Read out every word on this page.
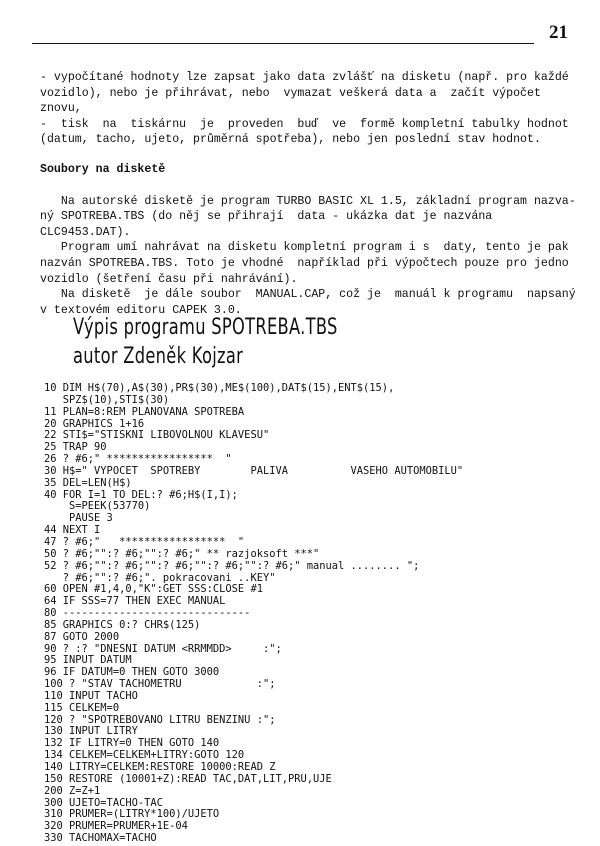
21
- vypočítané hodnoty lze zapsat jako data zvlášť na disketu (např. pro každé
vozidlo), nebo je přihrávat, nebo  vymazat veškerá data a  začít výpočet
znovu,
-  tisk  na  tiskárnu  je  proveden  buď  ve  formě kompletní tabulky hodnot
(datum, tacho, ujeto, průměrná spotřeba), nebo jen poslední stav hodnot.
Soubory na disketě
Na autorské disketě je program TURBO BASIC XL 1.5, základní program nazva-
ný SPOTREBA.TBS (do něj se přihrají  data - ukázka dat je nazvána
CLC9453.DAT).
Program umí nahrávat na disketu kompletní program i s  daty, tento je pak
nazván SPOTREBA.TBS. Toto je vhodné  například při výpočtech pouze pro jedno
vozidlo (šetření času při nahrávání).
Na disketě  je dále soubor  MANUAL.CAP, což je  manuál k programu  napsaný
v textovém editoru CAPEK 3.0.
Výpis programu SPOTREBA.TBS
autor Zdeněk Kojzar
10 DIM H$(70),A$(30),PR$(30),ME$(100),DAT$(15),ENT$(15),
SPZ$(10),STI$(30)
11 PLAN=8:REM PLANOVANA SPOTREBA
20 GRAPHICS 1+16
22 STI$="STISKNI LIBOVOLNOU KLAVESU"
25 TRAP 90
26 ? #6;" *****************  "
30 H$=" VYPOCET  SPOTREBY        PALIVA          VASEHO AUTOMOBILU"
35 DEL=LEN(H$)
40 FOR I=1 TO DEL:? #6;H$(I,I);
S=PEEK(53770)
PAUSE 3
44 NEXT I
47 ? #6;"   *****************  "
50 ? #6;"":? #6;"":? #6;" ** razjoksoft ***"
52 ? #6;"":? #6;"":? #6;"":? #6;"":? #6;" manual ........ ";
? #6;"":? #6;". pokracovani ..KEY"
60 OPEN #1,4,0,"K":GET SSS:CLOSE #1
64 IF SSS=77 THEN EXEC MANUAL
80 ------------------------------
85 GRAPHICS 0:? CHR$(125)
87 GOTO 2000
90 ? :? "DNESNI DATUM <RRMMDD>     :";
95 INPUT DATUM
96 IF DATUM=0 THEN GOTO 3000
100 ? "STAV TACHOMETRU            :";
110 INPUT TACHO
115 CELKEM=0
120 ? "SPOTREBOVANO LITRU BENZINU :";
130 INPUT LITRY
132 IF LITRY=0 THEN GOTO 140
134 CELKEM=CELKEM+LITRY:GOTO 120
140 LITRY=CELKEM:RESTORE 10000:READ Z
150 RESTORE (10001+Z):READ TAC,DAT,LIT,PRU,UJE
200 Z=Z+1
300 UJETO=TACHO-TAC
310 PRUMER=(LITRY*100)/UJETO
320 PRUMER=PRUMER+1E-04
330 TACHOMAX=TACHO
